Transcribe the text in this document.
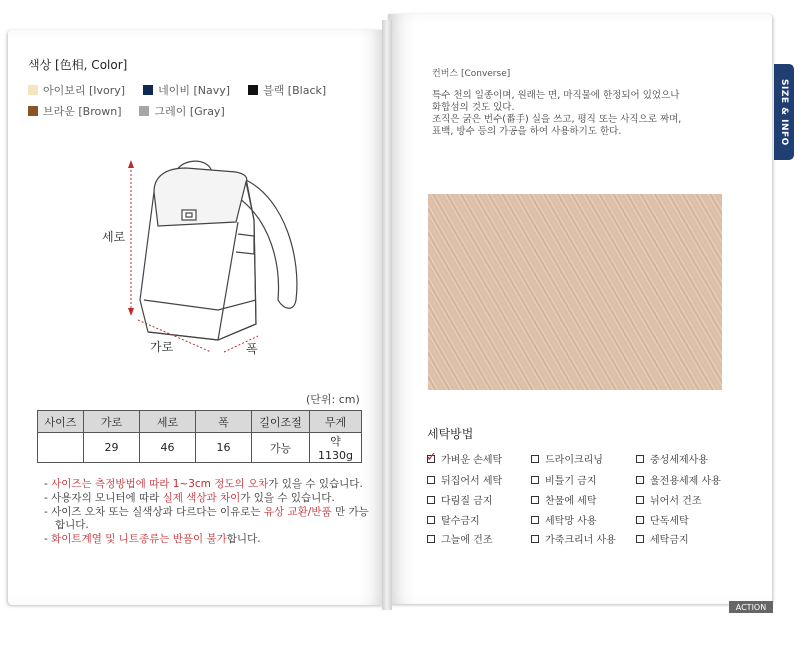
색상 [色相, Color]
아이보리 [Ivory]	네이비 [Navy]	블랙 [Black]
브라운 [Brown]	그레이 [Gray]
세로
가로	폭
(단위: cm)
사이즈	가로	세로	폭	길이조절	무게
	29	46	16	가능	약 1130g
- 사이즈는 측정방법에 따라 1~3cm 정도의 오차가 있을 수 있습니다.
- 사용자의 모니터에 따라 실제 색상과 차이가 있을 수 있습니다.
- 사이즈 오차 또는 실색상과 다르다는 이유로는 유상 교환/반품 만 가능합니다.
- 화이트계열 및 니트종류는 반품이 불가합니다.
컨버스 [Converse]
특수 천의 일종이며, 원래는 면, 마직물에 한정되어 있었으나
화합섬의 것도 있다.
조직은 굵은 번수(番手) 실을 쓰고, 평직 또는 사직으로 짜며,
표백, 방수 등의 가공을 하여 사용하기도 한다.
세탁방법
✓ 가벼운 손세탁	드라이크리닝	중성세제사용
뒤집어서 세탁	비틀기 금지	울전용세제 사용
다림질 금지	찬물에 세탁	뉘어서 건조
탈수금지	세탁망 사용	단독세탁
그늘에 건조	가죽크리너 사용	세탁금지
SIZE & INFO
ACTION
